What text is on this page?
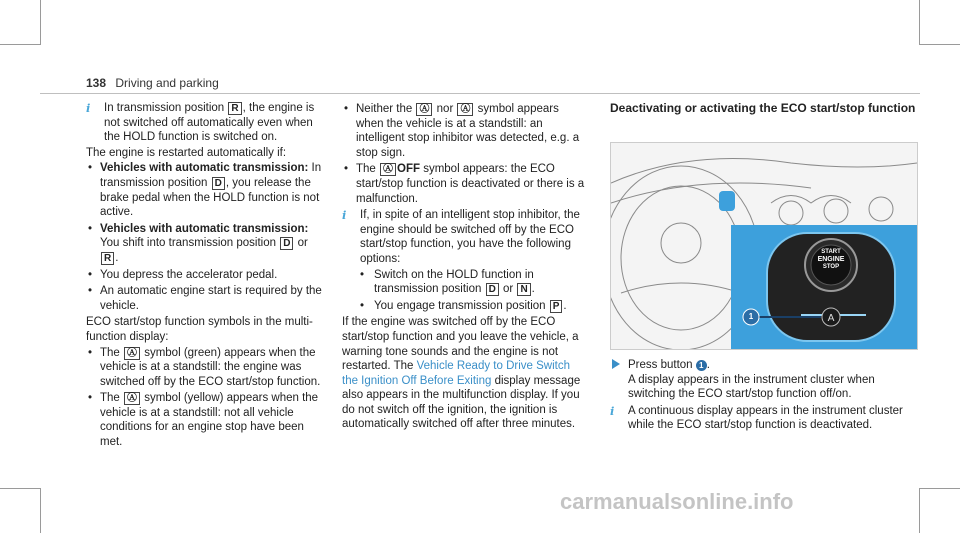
138 Driving and parking

i In transmission position R , the engine is not switched off automatically even when the HOLD function is switched on.

The engine is restarted automatically if:

• Vehicles with automatic transmission: In transmission position D , you release the brake pedal when the HOLD function is not active.
• Vehicles with automatic transmission: You shift into transmission position D or R .
• You depress the accelerator pedal.
• An automatic engine start is required by the vehicle.

ECO start/stop function symbols in the multi-function display:

• The Ⓐ symbol (green) appears when the vehicle is at a standstill: the engine was switched off by the ECO start/stop function.
• The Ⓐ symbol (yellow) appears when the vehicle is at a standstill: not all vehicle conditions for an engine stop have been met.
• Neither the Ⓐ nor Ⓐ symbol appears when the vehicle is at a standstill: an intelligent stop inhibitor was detected, e.g. a stop sign.
• The Ⓐ OFF symbol appears: the ECO start/stop function is deactivated or there is a malfunction.

i If, in spite of an intelligent stop inhibitor, the engine should be switched off by the ECO start/stop function, you have the following options:

• Switch on the HOLD function in transmission position D or N .
• You engage transmission position P .

If the engine was switched off by the ECO start/stop function and you leave the vehicle, a warning tone sounds and the engine is not restarted. The Vehicle Ready to Drive Switch the Ignition Off Before Exiting display message also appears in the multifunction display. If you do not switch off the ignition, the ignition is automatically switched off after three minutes.

Deactivating or activating the ECO start/stop function
A
START
ENGINE
STOP
1

Press button 1 .
A display appears in the instrument cluster when switching the ECO start/stop function off/on.

i A continuous display appears in the instrument cluster while the ECO start/stop function is deactivated.

carmanualsonline.info
